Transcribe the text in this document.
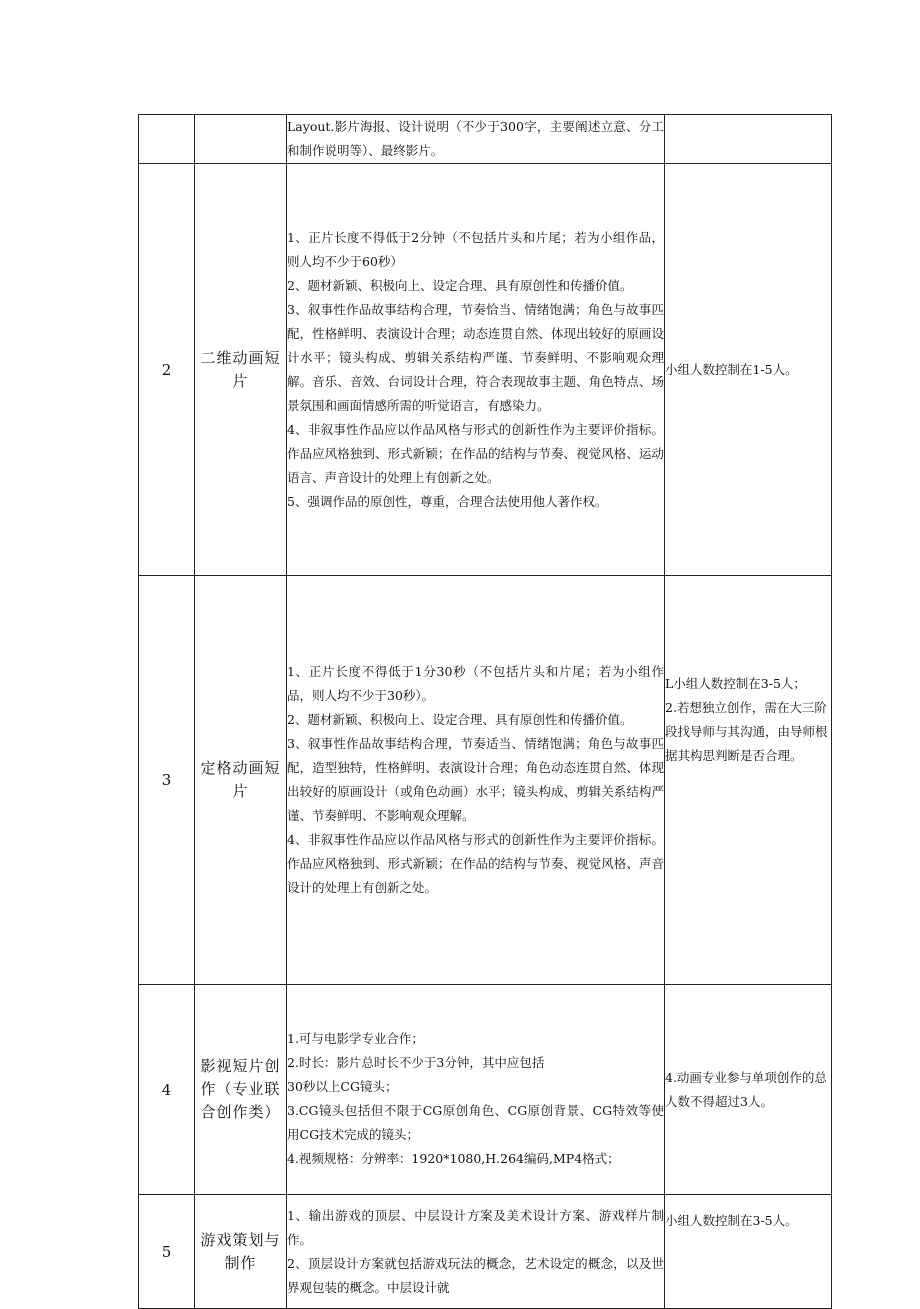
		Layout.影片海报、设计说明（不少于300字，主要阐述立意、分工和制作说明等）、最终影片。	

2	二维动画短片	1、正片长度不得低于2分钟（不包括片头和片尾；若为小组作品，则人均不少于60秒）
2、题材新颖、积极向上、设定合理、具有原创性和传播价值。
3、叙事性作品故事结构合理，节奏恰当、情绪饱满；角色与故事匹配，性格鲜明、表演设计合理；动态连贯自然、体现出较好的原画设计水平；镜头构成、剪辑关系结构严谨、节奏鲜明、不影响观众理解。音乐、音效、台词设计合理，符合表现故事主题、角色特点、场景氛围和画面情感所需的听觉语言，有感染力。
4、非叙事性作品应以作品风格与形式的创新性作为主要评价指标。作品应风格独到、形式新颖；在作品的结构与节奏、视觉风格、运动语言、声音设计的处理上有创新之处。
5、强调作品的原创性，尊重，合理合法使用他人著作权。	小组人数控制在1-5人。

3	定格动画短片	1、正片长度不得低于1分30秒（不包括片头和片尾；若为小组作品，则人均不少于30秒）。
2、题材新颖、积极向上、设定合理、具有原创性和传播价值。
3、叙事性作品故事结构合理，节奏适当、情绪饱满；角色与故事匹配，造型独特，性格鲜明、表演设计合理；角色动态连贯自然、体现出较好的原画设计（或角色动画）水平；镜头构成、剪辑关系结构严谨、节奏鲜明、不影响观众理解。
4、非叙事性作品应以作品风格与形式的创新性作为主要评价指标。作品应风格独到、形式新颖；在作品的结构与节奏、视觉风格、声音设计的处理上有创新之处。	L小组人数控制在3-5人；
2.若想独立创作，需在大三阶段找导师与其沟通，由导师根据其构思判断是否合理。

4	影视短片创作（专业联合创作类）	1.可与电影学专业合作；
2.时长：影片总时长不少于3分钟，其中应包括
30秒以上CG镜头；
3.CG镜头包括但不限于CG原创角色、CG原创背景、CG特效等使用CG技术完成的镜头；
4.视频规格：分辨率：1920*1080,H.264编码,MP4格式；	4.动画专业参与单项创作的总人数不得超过3人。

5	游戏策划与制作	1、输出游戏的顶层、中层设计方案及美术设计方案、游戏样片制作。
2、顶层设计方案就包括游戏玩法的概念，艺术设定的概念，以及世界观包装的概念。中层设计就	小组人数控制在3-5人。
